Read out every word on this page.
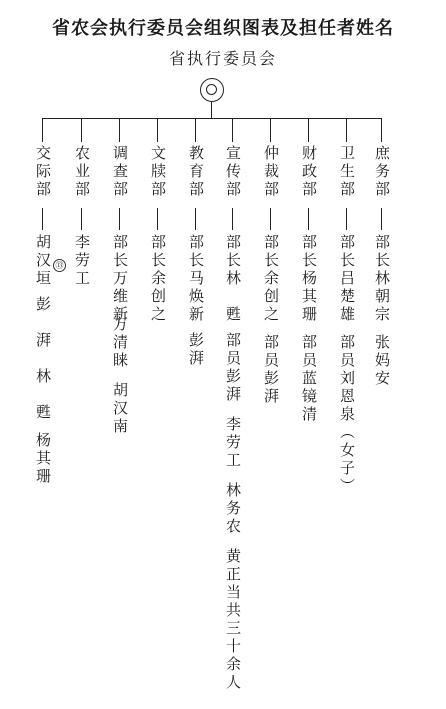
省农会执行委员会组织图表及担任者姓名
省执行委员会
交际部
胡汉垣
彭
湃
林
甦
杨其珊
农业部
李劳工
⑬
调查部
部长万维新
万清睐
胡汉南
文牍部
部长余创之
教育部
部长马焕新
彭湃
宣传部
部长林　甦
部员彭湃
李劳工
林务农
黄正当共三十余人
仲裁部
部长余创之
部员彭湃
财政部
部长杨其珊
部员蓝镜清
卫生部
部长吕楚雄
部员刘恩泉（女子）
庶务部
部长林朝宗
张妈安
